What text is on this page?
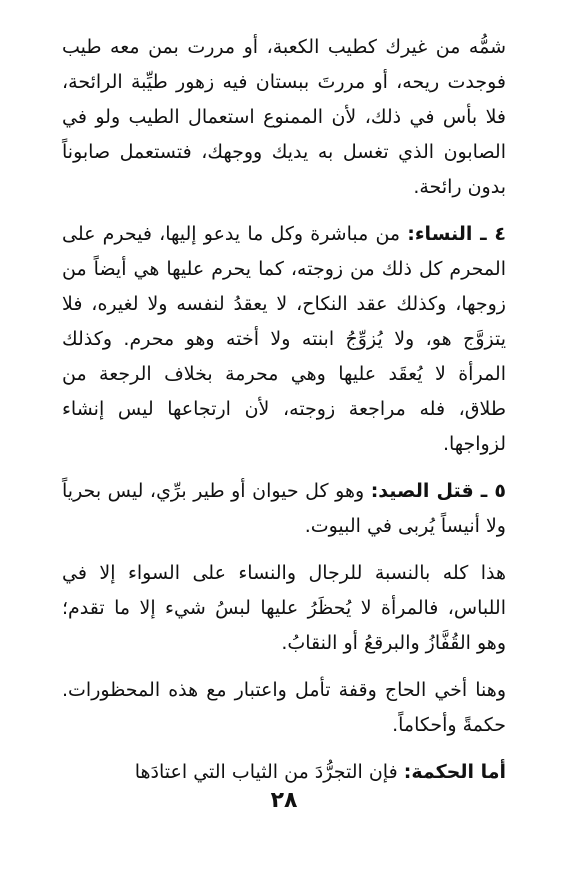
شمُّه من غيرك كطيب الكعبة، أو مررت بمن معه طيب فوجدت ريحه، أو مررتَ ببستان فيه زهور طيِّبة الرائحة، فلا بأس في ذلك، لأن الممنوع استعمال الطيب ولو في الصابون الذي تغسل به يديك ووجهك، فتستعمل صابوناً بدون رائحة.

٤ ـ النساء: من مباشرة وكل ما يدعو إليها، فيحرم على المحرم كل ذلك من زوجته، كما يحرم عليها هي أيضاً من زوجها، وكذلك عقد النكاح، لا يعقدُ لنفسه ولا لغيره، فلا يتزوَّج هو، ولا يُزوِّجُ ابنته ولا أخته وهو محرم. وكذلك المرأة لا يُعقَد عليها وهي محرمة بخلاف الرجعة من طلاق، فله مراجعة زوجته، لأن ارتجاعها ليس إنشاء لزواجها.

٥ ـ قتل الصيد: وهو كل حيوان أو طير برِّي، ليس بحرياً ولا أنيساً يُربى في البيوت.

هذا كله بالنسبة للرجال والنساء على السواء إلا في اللباس، فالمرأة لا يُحظَرُ عليها لبسُ شيء إلا ما تقدم؛ وهو القُفَّازُ والبرقعُ أو النقابُ.

وهنا أخي الحاج وقفة تأمل واعتبار مع هذه المحظورات. حكمةً وأحكاماً.

أما الحكمة: فإن التجرُّدَ من الثياب التي اعتادَها

٢٨
